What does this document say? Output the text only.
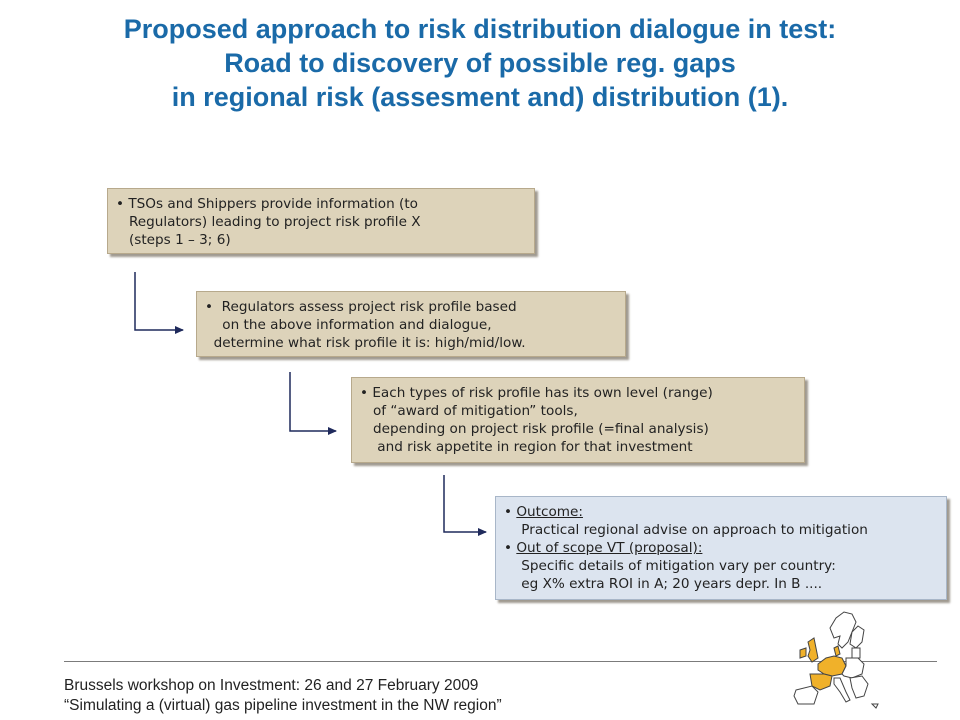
Proposed approach to risk distribution dialogue in test:
Road to discovery of possible reg. gaps
in regional risk (assesment and) distribution (1).
• TSOs and Shippers provide information (to
Regulators) leading to project risk profile X
(steps 1 – 3; 6)
•  Regulators assess project risk profile based
on the above information and dialogue,
determine what risk profile it is: high/mid/low.
• Each types of risk profile has its own level (range)
of “award of mitigation” tools,
depending on project risk profile (=final analysis)
and risk appetite in region for that investment
• Outcome:
Practical regional advise on approach to mitigation
• Out of scope VT (proposal):
Specific details of mitigation vary per country:
eg X% extra ROI in A; 20 years depr. In B ....
Brussels workshop on Investment: 26 and 27 February 2009
“Simulating a (virtual) gas pipeline investment in the NW region”
